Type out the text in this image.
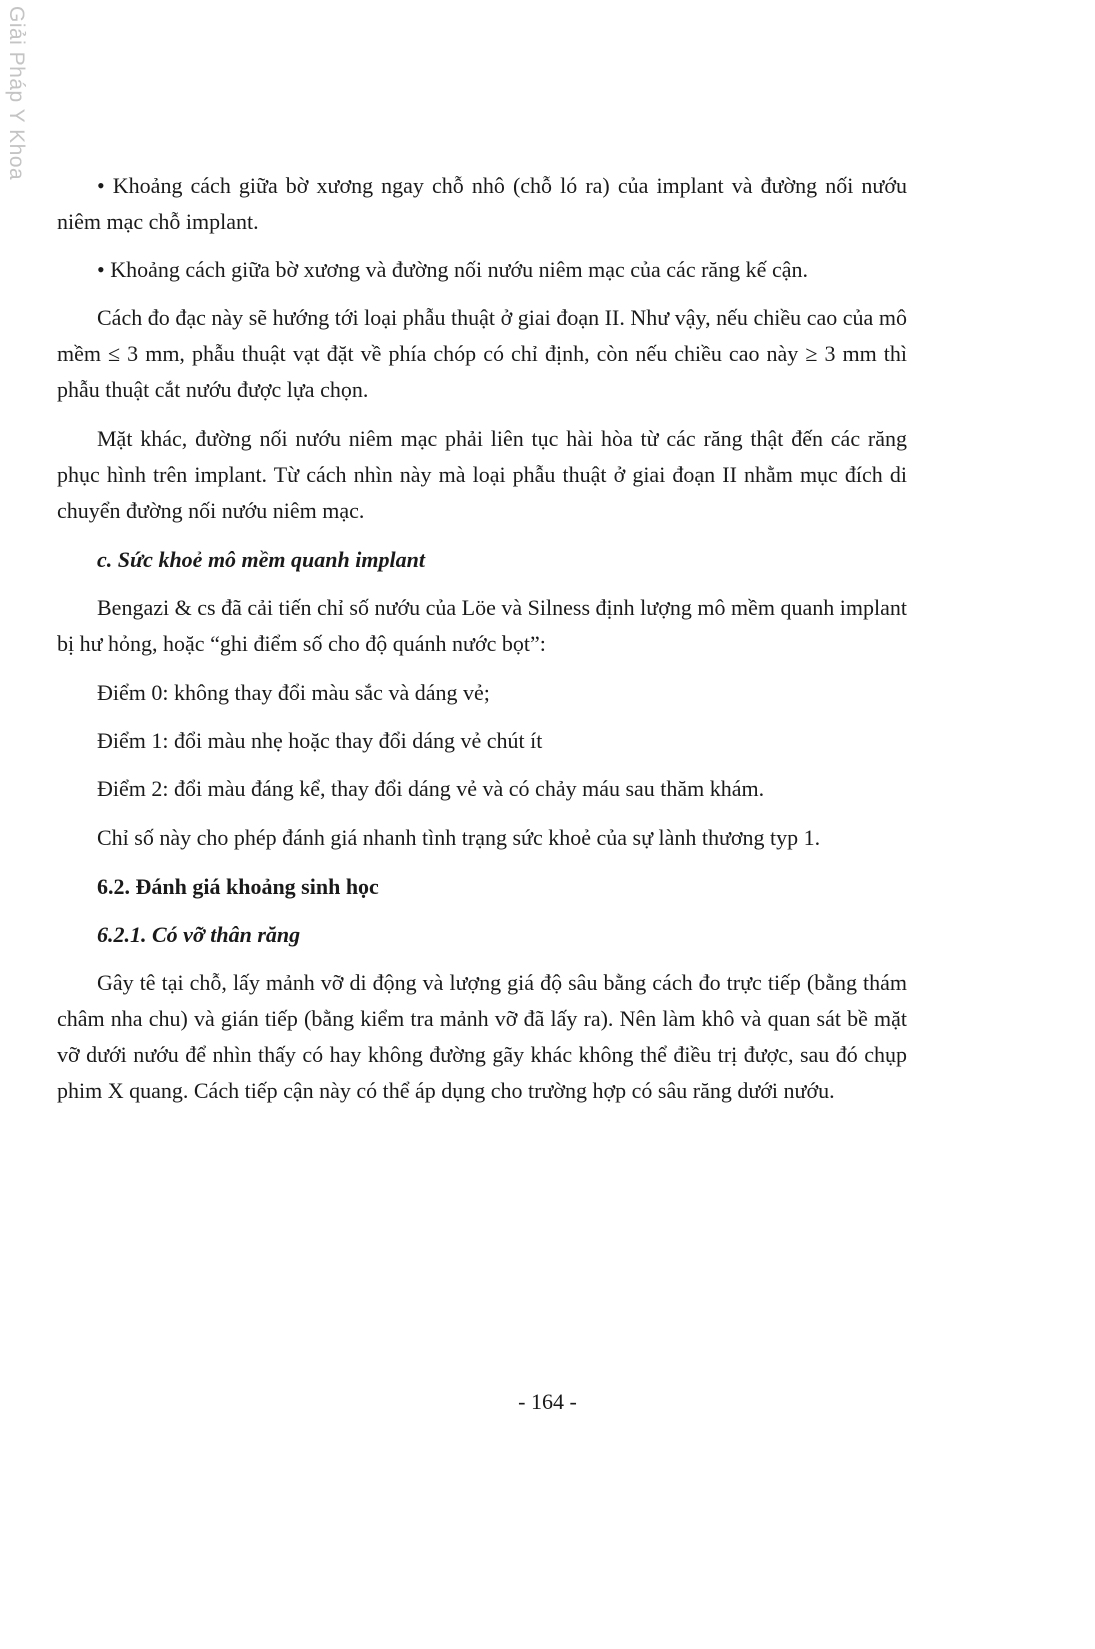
Giải Pháp Y Khoa

• Khoảng cách giữa bờ xương ngay chỗ nhô (chỗ ló ra) của implant và đường nối nướu niêm mạc chỗ implant.

• Khoảng cách giữa bờ xương và đường nối nướu niêm mạc của các răng kế cận.

Cách đo đạc này sẽ hướng tới loại phẫu thuật ở giai đoạn II. Như vậy, nếu chiều cao của mô mềm ≤ 3 mm, phẫu thuật vạt đặt về phía chóp có chỉ định, còn nếu chiều cao này ≥ 3 mm thì phẫu thuật cắt nướu được lựa chọn.

Mặt khác, đường nối nướu niêm mạc phải liên tục hài hòa từ các răng thật đến các răng phục hình trên implant. Từ cách nhìn này mà loại phẫu thuật ở giai đoạn II nhằm mục đích di chuyển đường nối nướu niêm mạc.

c. Sức khoẻ mô mềm quanh implant

Bengazi & cs đã cải tiến chỉ số nướu của Löe và Silness định lượng mô mềm quanh implant bị hư hỏng, hoặc “ghi điểm số cho độ quánh nước bọt”:

Điểm 0: không thay đổi màu sắc và dáng vẻ;

Điểm 1: đổi màu nhẹ hoặc thay đổi dáng vẻ chút ít

Điểm 2: đổi màu đáng kể, thay đổi dáng vẻ và có chảy máu sau thăm khám.

Chỉ số này cho phép đánh giá nhanh tình trạng sức khoẻ của sự lành thương typ 1.

6.2. Đánh giá khoảng sinh học

6.2.1. Có vỡ thân răng

Gây tê tại chỗ, lấy mảnh vỡ di động và lượng giá độ sâu bằng cách đo trực tiếp (bằng thám châm nha chu) và gián tiếp (bằng kiểm tra mảnh vỡ đã lấy ra). Nên làm khô và quan sát bề mặt vỡ dưới nướu để nhìn thấy có hay không đường gãy khác không thể điều trị được, sau đó chụp phim X quang. Cách tiếp cận này có thể áp dụng cho trường hợp có sâu răng dưới nướu.

- 164 -
